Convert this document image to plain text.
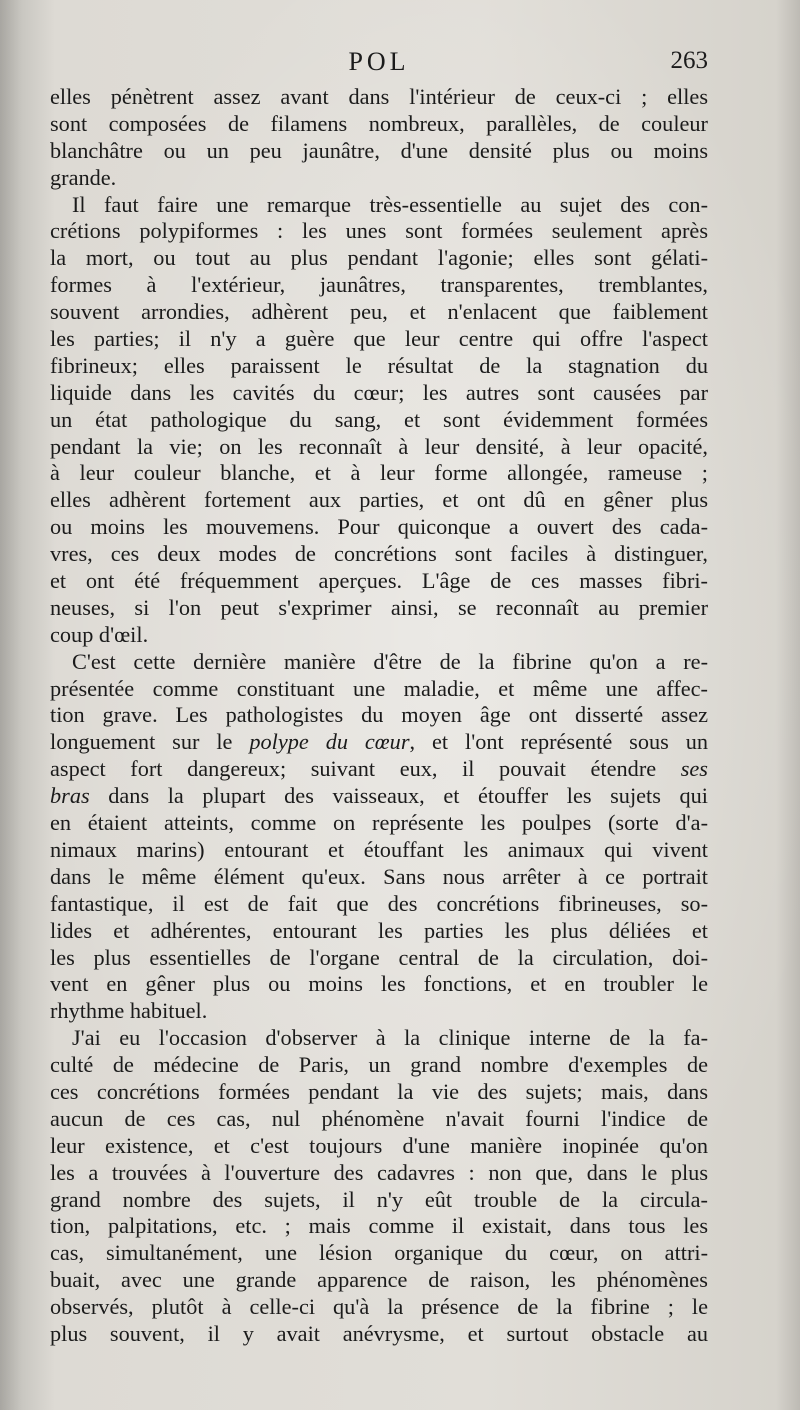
POL	263
elles pénètrent assez avant dans l'intérieur de ceux-ci ; elles
sont composées de filamens nombreux, parallèles, de couleur
blanchâtre ou un peu jaunâtre, d'une densité plus ou moins
grande.
Il faut faire une remarque très-essentielle au sujet des con-
crétions polypiformes : les unes sont formées seulement après
la mort, ou tout au plus pendant l'agonie; elles sont gélati-
formes à l'extérieur, jaunâtres, transparentes, tremblantes,
souvent arrondies, adhèrent peu, et n'enlacent que faiblement
les parties; il n'y a guère que leur centre qui offre l'aspect
fibrineux; elles paraissent le résultat de la stagnation du
liquide dans les cavités du cœur; les autres sont causées par
un état pathologique du sang, et sont évidemment formées
pendant la vie; on les reconnaît à leur densité, à leur opacité,
à leur couleur blanche, et à leur forme allongée, rameuse ;
elles adhèrent fortement aux parties, et ont dû en gêner plus
ou moins les mouvemens. Pour quiconque a ouvert des cada-
vres, ces deux modes de concrétions sont faciles à distinguer,
et ont été fréquemment aperçues. L'âge de ces masses fibri-
neuses, si l'on peut s'exprimer ainsi, se reconnaît au premier
coup d'œil.
C'est cette dernière manière d'être de la fibrine qu'on a re-
présentée comme constituant une maladie, et même une affec-
tion grave. Les pathologistes du moyen âge ont disserté assez
longuement sur le polype du cœur, et l'ont représenté sous un
aspect fort dangereux; suivant eux, il pouvait étendre ses
bras dans la plupart des vaisseaux, et étouffer les sujets qui
en étaient atteints, comme on représente les poulpes (sorte d'a-
nimaux marins) entourant et étouffant les animaux qui vivent
dans le même élément qu'eux. Sans nous arrêter à ce portrait
fantastique, il est de fait que des concrétions fibrineuses, so-
lides et adhérentes, entourant les parties les plus déliées et
les plus essentielles de l'organe central de la circulation, doi-
vent en gêner plus ou moins les fonctions, et en troubler le
rhythme habituel.
J'ai eu l'occasion d'observer à la clinique interne de la fa-
culté de médecine de Paris, un grand nombre d'exemples de
ces concrétions formées pendant la vie des sujets; mais, dans
aucun de ces cas, nul phénomène n'avait fourni l'indice de
leur existence, et c'est toujours d'une manière inopinée qu'on
les a trouvées à l'ouverture des cadavres : non que, dans le plus
grand nombre des sujets, il n'y eût trouble de la circula-
tion, palpitations, etc. ; mais comme il existait, dans tous les
cas, simultanément, une lésion organique du cœur, on attri-
buait, avec une grande apparence de raison, les phénomènes
observés, plutôt à celle-ci qu'à la présence de la fibrine ; le
plus souvent, il y avait anévrysme, et surtout obstacle au
